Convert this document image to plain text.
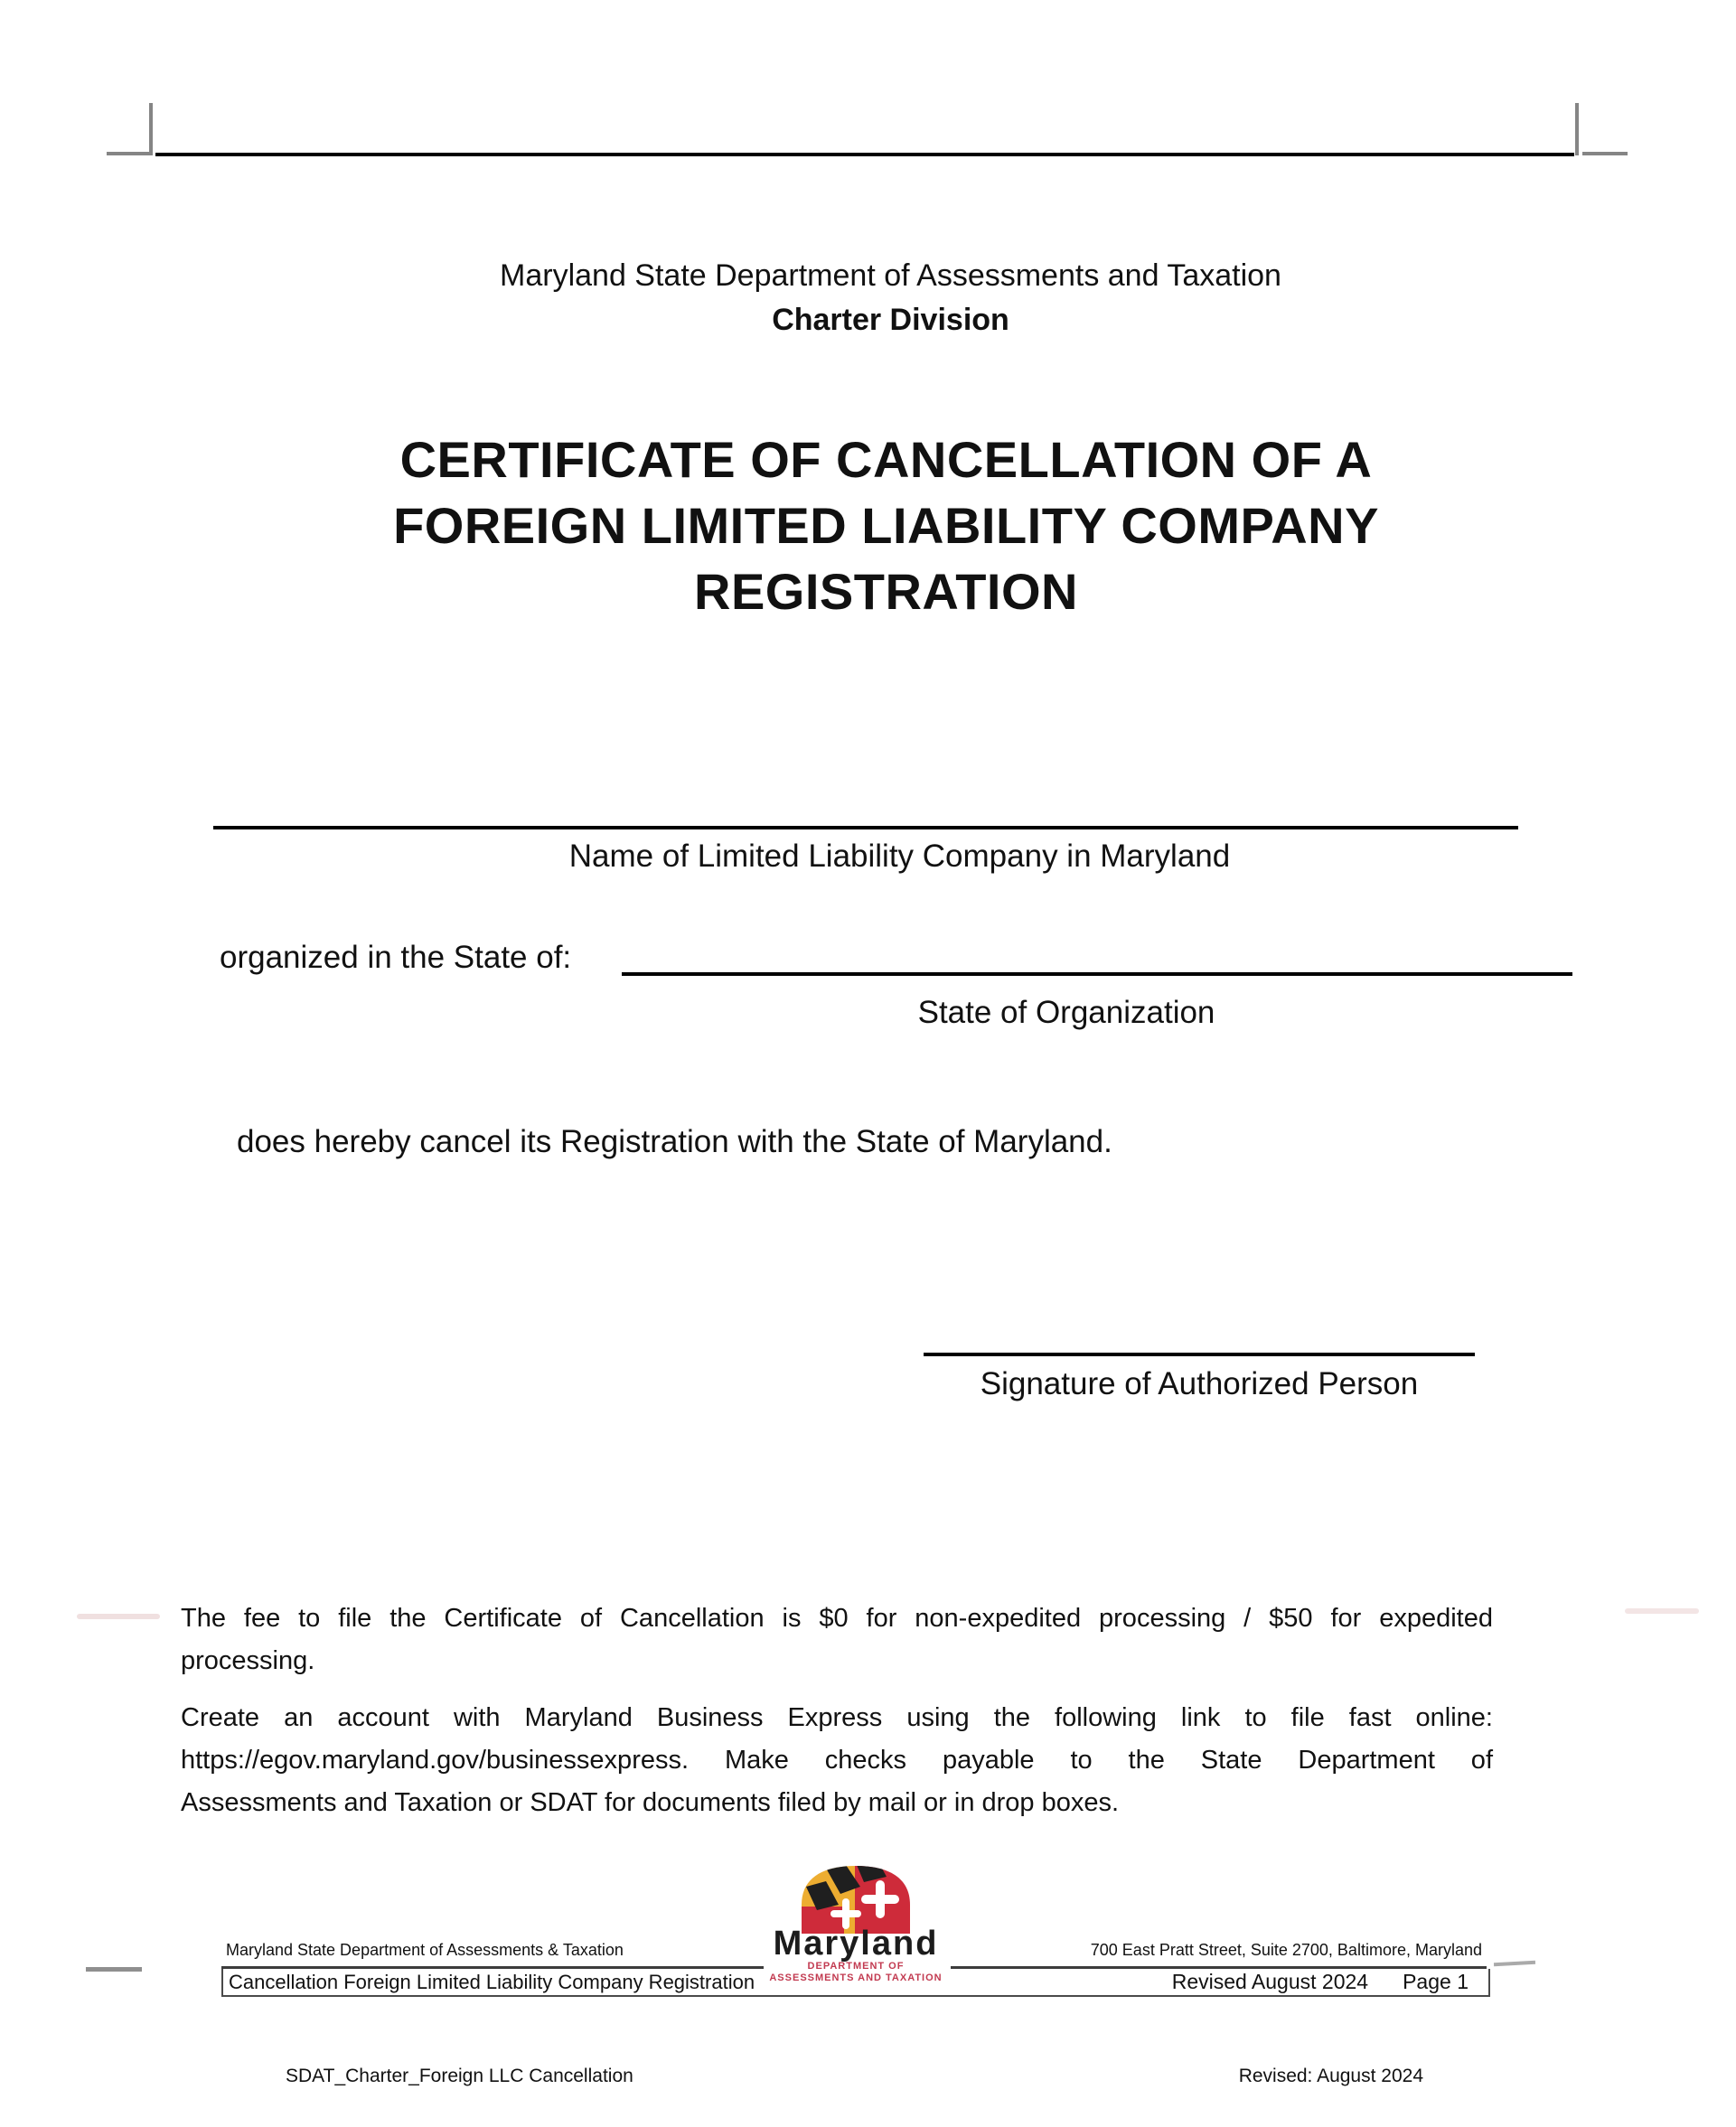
Maryland State Department of Assessments and Taxation
Charter Division
CERTIFICATE OF CANCELLATION OF A
FOREIGN LIMITED LIABILITY COMPANY
REGISTRATION
Name of Limited Liability Company in Maryland
organized in the State of:
State of Organization
does hereby cancel its Registration with the State of Maryland.
Signature of Authorized Person
The fee to file the Certificate of Cancellation is $0 for non-expedited processing / $50 for expedited
processing.
Create an account with Maryland Business Express using the following link to file fast online:
https://egov.maryland.gov/businessexpress. Make checks payable to the State Department of
Assessments and Taxation or SDAT for documents filed by mail or in drop boxes.
Maryland
DEPARTMENT OF
ASSESSMENTS AND TAXATION
Maryland State Department of Assessments & Taxation	700 East Pratt Street, Suite 2700, Baltimore, Maryland
Cancellation Foreign Limited Liability Company Registration	Revised August 2024 Page 1
SDAT_Charter_Foreign LLC Cancellation	Revised: August 2024
